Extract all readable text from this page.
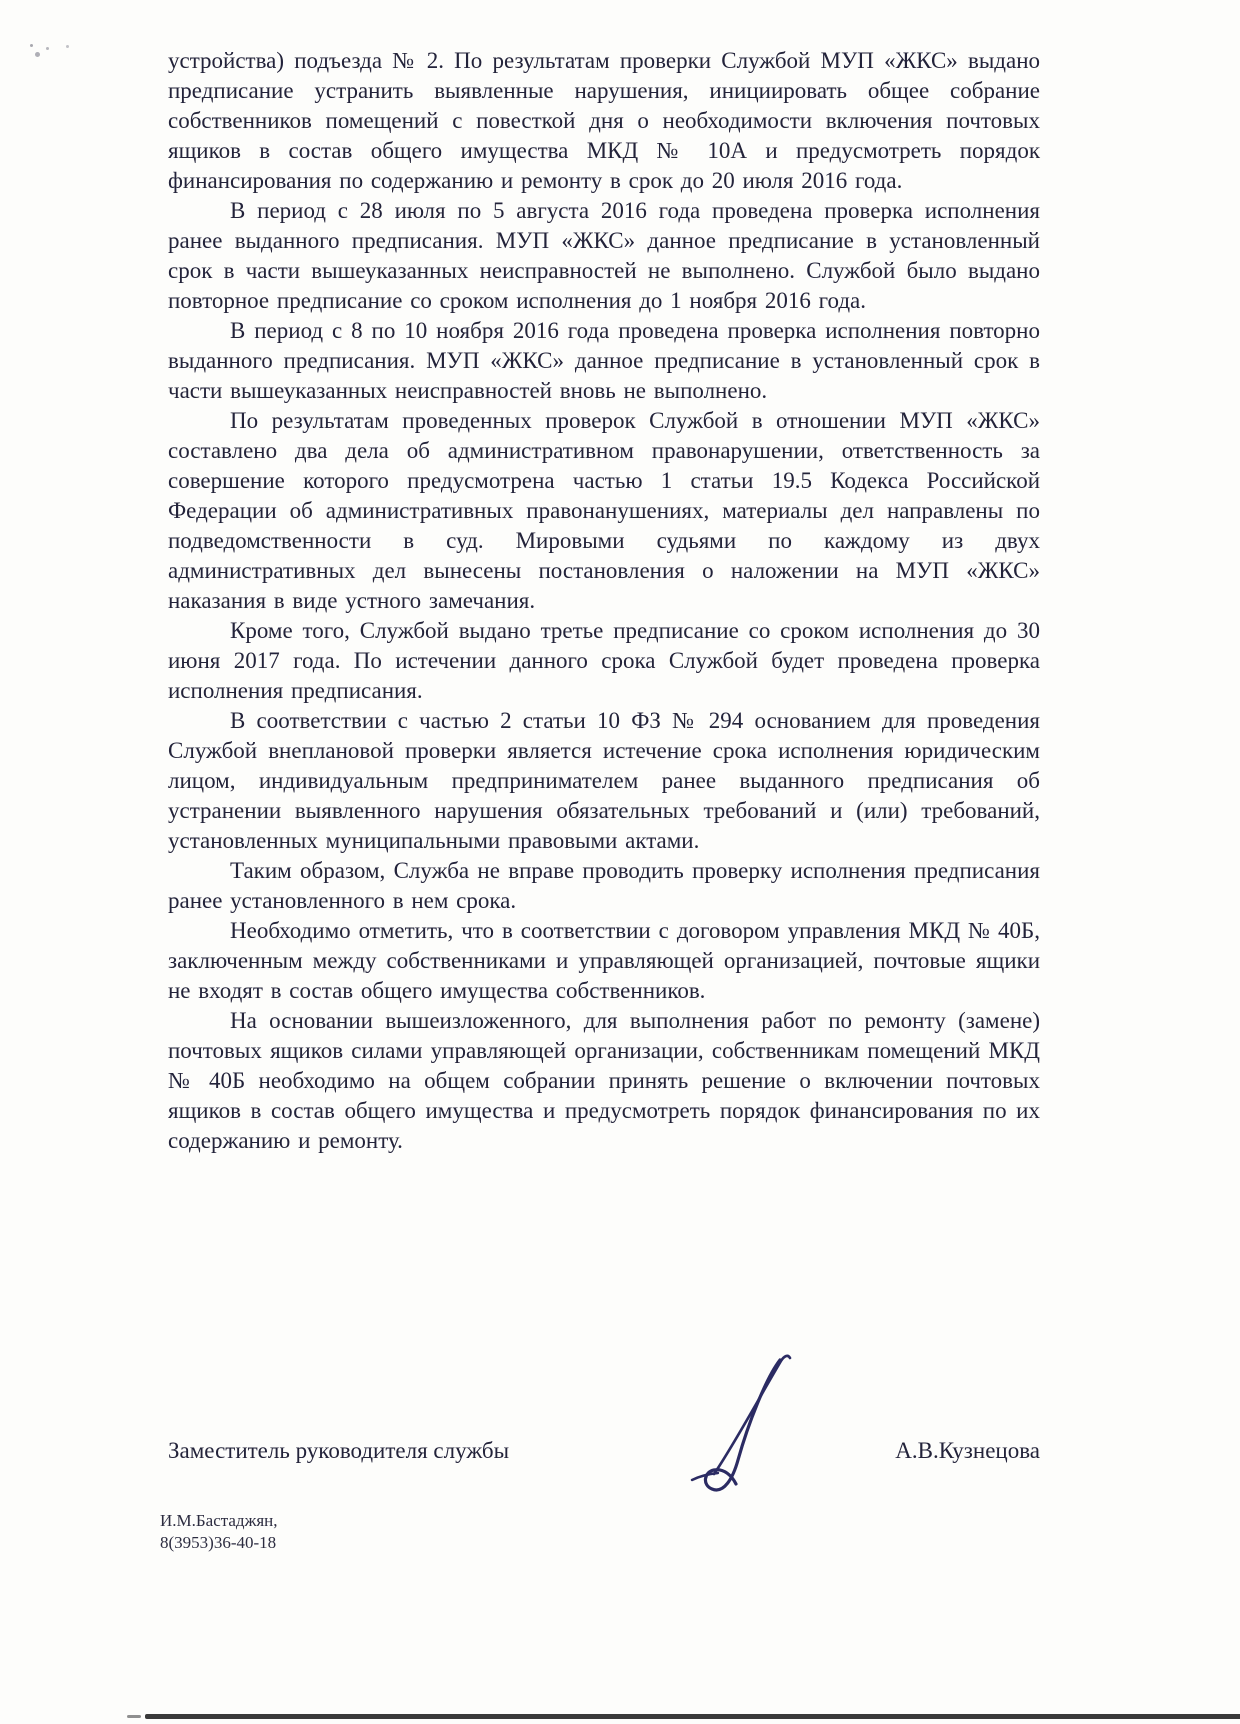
устройства) подъезда № 2. По результатам проверки Службой МУП «ЖКС» выдано предписание устранить выявленные нарушения, инициировать общее собрание собственников помещений с повесткой дня о необходимости включения почтовых ящиков в состав общего имущества МКД № 10А и предусмотреть порядок финансирования по содержанию и ремонту в срок до 20 июля 2016 года.

В период с 28 июля по 5 августа 2016 года проведена проверка исполнения ранее выданного предписания. МУП «ЖКС» данное предписание в установленный срок в части вышеуказанных неисправностей не выполнено. Службой было выдано повторное предписание со сроком исполнения до 1 ноября 2016 года.

В период с 8 по 10 ноября 2016 года проведена проверка исполнения повторно выданного предписания. МУП «ЖКС» данное предписание в установленный срок в части вышеуказанных неисправностей вновь не выполнено.

По результатам проведенных проверок Службой в отношении МУП «ЖКС» составлено два дела об административном правонарушении, ответственность за совершение которого предусмотрена частью 1 статьи 19.5 Кодекса Российской Федерации об административных правонанушениях, материалы дел направлены по подведомственности в суд. Мировыми судьями по каждому из двух административных дел вынесены постановления о наложении на МУП «ЖКС» наказания в виде устного замечания.

Кроме того, Службой выдано третье предписание со сроком исполнения до 30 июня 2017 года. По истечении данного срока Службой будет проведена проверка исполнения предписания.

В соответствии с частью 2 статьи 10 ФЗ № 294 основанием для проведения Службой внеплановой проверки является истечение срока исполнения юридическим лицом, индивидуальным предпринимателем ранее выданного предписания об устранении выявленного нарушения обязательных требований и (или) требований, установленных муниципальными правовыми актами.

Таким образом, Служба не вправе проводить проверку исполнения предписания ранее установленного в нем срока.

Необходимо отметить, что в соответствии с договором управления МКД № 40Б, заключенным между собственниками и управляющей организацией, почтовые ящики не входят в состав общего имущества собственников.

На основании вышеизложенного, для выполнения работ по ремонту (замене) почтовых ящиков силами управляющей организации, собственникам помещений МКД № 40Б необходимо на общем собрании принять решение о включении почтовых ящиков в состав общего имущества и предусмотреть порядок финансирования по их содержанию и ремонту.

Заместитель руководителя службы	А.В.Кузнецова
И.М.Бастаджян,
8(3953)36-40-18
